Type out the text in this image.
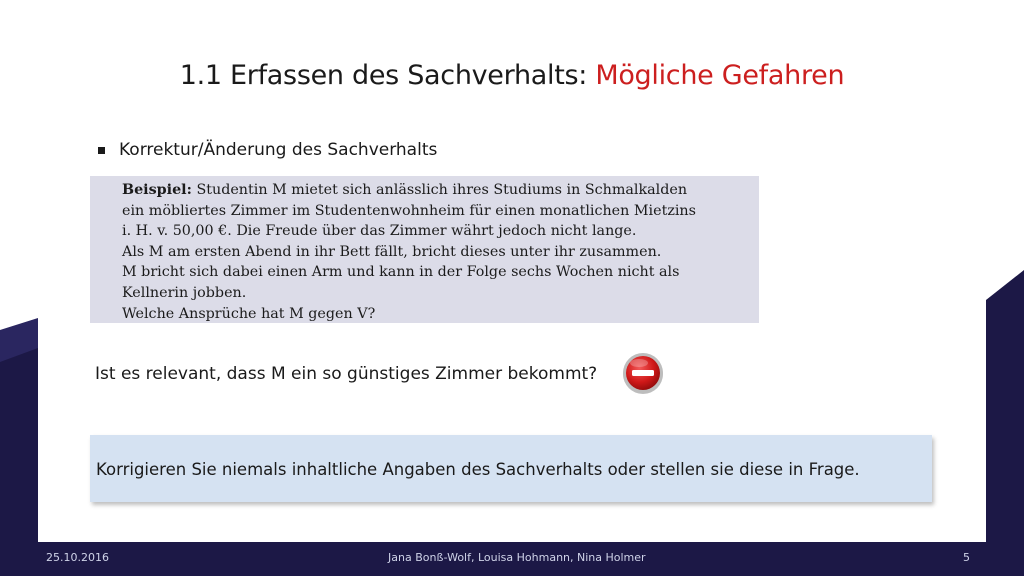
1.1 Erfassen des Sachverhalts: Mögliche Gefahren
Korrektur/Änderung des Sachverhalts
Beispiel: Studentin M mietet sich anlässlich ihres Studiums in Schmalkalden
ein möbliertes Zimmer im Studentenwohnheim für einen monatlichen Mietzins
i. H. v. 50,00 €. Die Freude über das Zimmer währt jedoch nicht lange.
Als M am ersten Abend in ihr Bett fällt, bricht dieses unter ihr zusammen.
M bricht sich dabei einen Arm und kann in der Folge sechs Wochen nicht als
Kellnerin jobben.
Welche Ansprüche hat M gegen V?
Ist es relevant, dass M ein so günstiges Zimmer bekommt?
Korrigieren Sie niemals inhaltliche Angaben des Sachverhalts oder stellen sie diese in Frage.
25.10.2016	Jana Bonß-Wolf, Louisa Hohmann, Nina Holmer	5
